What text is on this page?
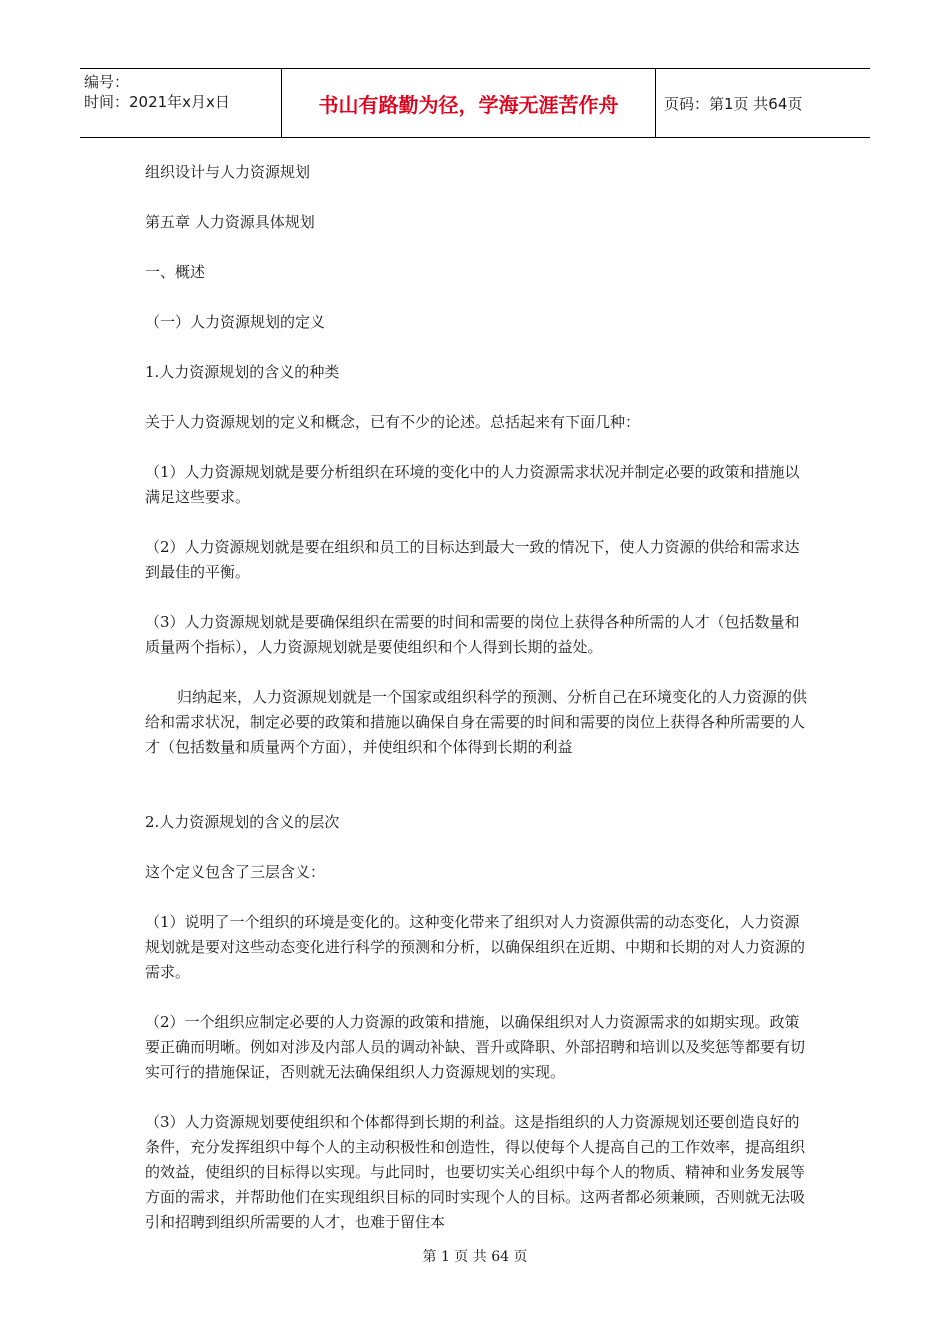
编号：
时间：2021年x月x日	书山有路勤为径，学海无涯苦作舟	页码：第1页 共64页

组织设计与人力资源规划

第五章 人力资源具体规划

一、概述

（一）人力资源规划的定义

1.人力资源规划的含义的种类

关于人力资源规划的定义和概念，已有不少的论述。总括起来有下面几种：

（1）人力资源规划就是要分析组织在环境的变化中的人力资源需求状况并制定必要的政策和措施以满足这些要求。

（2）人力资源规划就是要在组织和员工的目标达到最大一致的情况下，使人力资源的供给和需求达到最佳的平衡。

（3）人力资源规划就是要确保组织在需要的时间和需要的岗位上获得各种所需的人才（包括数量和质量两个指标），人力资源规划就是要使组织和个人得到长期的益处。

归纳起来，人力资源规划就是一个国家或组织科学的预测、分析自己在环境变化的人力资源的供给和需求状况，制定必要的政策和措施以确保自身在需要的时间和需要的岗位上获得各种所需要的人才（包括数量和质量两个方面），并使组织和个体得到长期的利益

2.人力资源规划的含义的层次

这个定义包含了三层含义：

（1）说明了一个组织的环境是变化的。这种变化带来了组织对人力资源供需的动态变化，人力资源规划就是要对这些动态变化进行科学的预测和分析，以确保组织在近期、中期和长期的对人力资源的需求。

（2）一个组织应制定必要的人力资源的政策和措施，以确保组织对人力资源需求的如期实现。政策要正确而明晰。例如对涉及内部人员的调动补缺、晋升或降职、外部招聘和培训以及奖惩等都要有切实可行的措施保证，否则就无法确保组织人力资源规划的实现。

（3）人力资源规划要使组织和个体都得到长期的利益。这是指组织的人力资源规划还要创造良好的条件，充分发挥组织中每个人的主动积极性和创造性，得以使每个人提高自己的工作效率，提高组织的效益，使组织的目标得以实现。与此同时，也要切实关心组织中每个人的物质、精神和业务发展等方面的需求，并帮助他们在实现组织目标的同时实现个人的目标。这两者都必须兼顾，否则就无法吸引和招聘到组织所需要的人才，也难于留住本

第 1 页 共 64 页
